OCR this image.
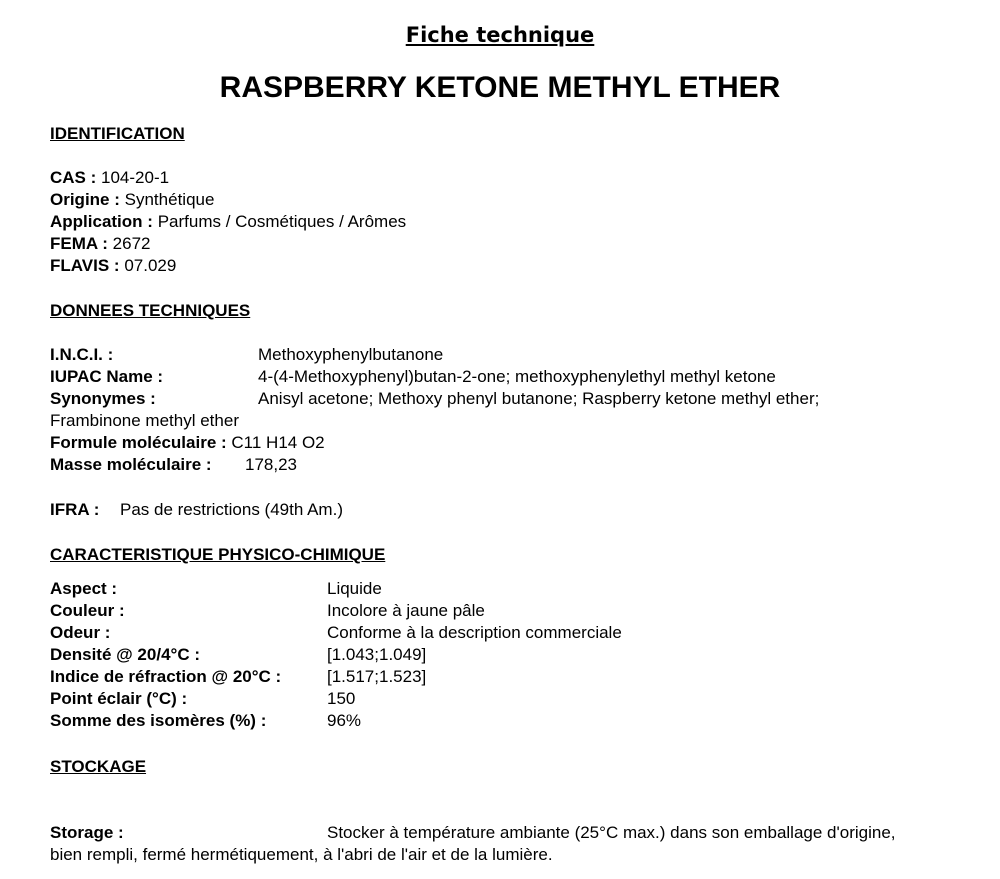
Fiche technique
RASPBERRY KETONE METHYL ETHER
IDENTIFICATION
CAS : 104-20-1
Origine : Synthétique
Application : Parfums / Cosmétiques / Arômes
FEMA : 2672
FLAVIS : 07.029
DONNEES TECHNIQUES
I.N.C.I. :	Methoxyphenylbutanone
IUPAC Name :	4-(4-Methoxyphenyl)butan-2-one; methoxyphenylethyl methyl ketone
Synonymes :	Anisyl acetone; Methoxy phenyl butanone; Raspberry ketone methyl ether;
Frambinone methyl ether
Formule moléculaire : C11 H14 O2
Masse moléculaire : 178,23
IFRA : Pas de restrictions (49th Am.)
CARACTERISTIQUE PHYSICO-CHIMIQUE
Aspect :	Liquide
Couleur :	Incolore à jaune pâle
Odeur :	Conforme à la description commerciale
Densité @ 20/4°C :	[1.043;1.049]
Indice de réfraction @ 20°C :	[1.517;1.523]
Point éclair (°C) :	150
Somme des isomères (%) :	96%
STOCKAGE
Storage :	Stocker à température ambiante (25°C max.) dans son emballage d'origine,
bien rempli, fermé hermétiquement, à l'abri de l'air et de la lumière.
